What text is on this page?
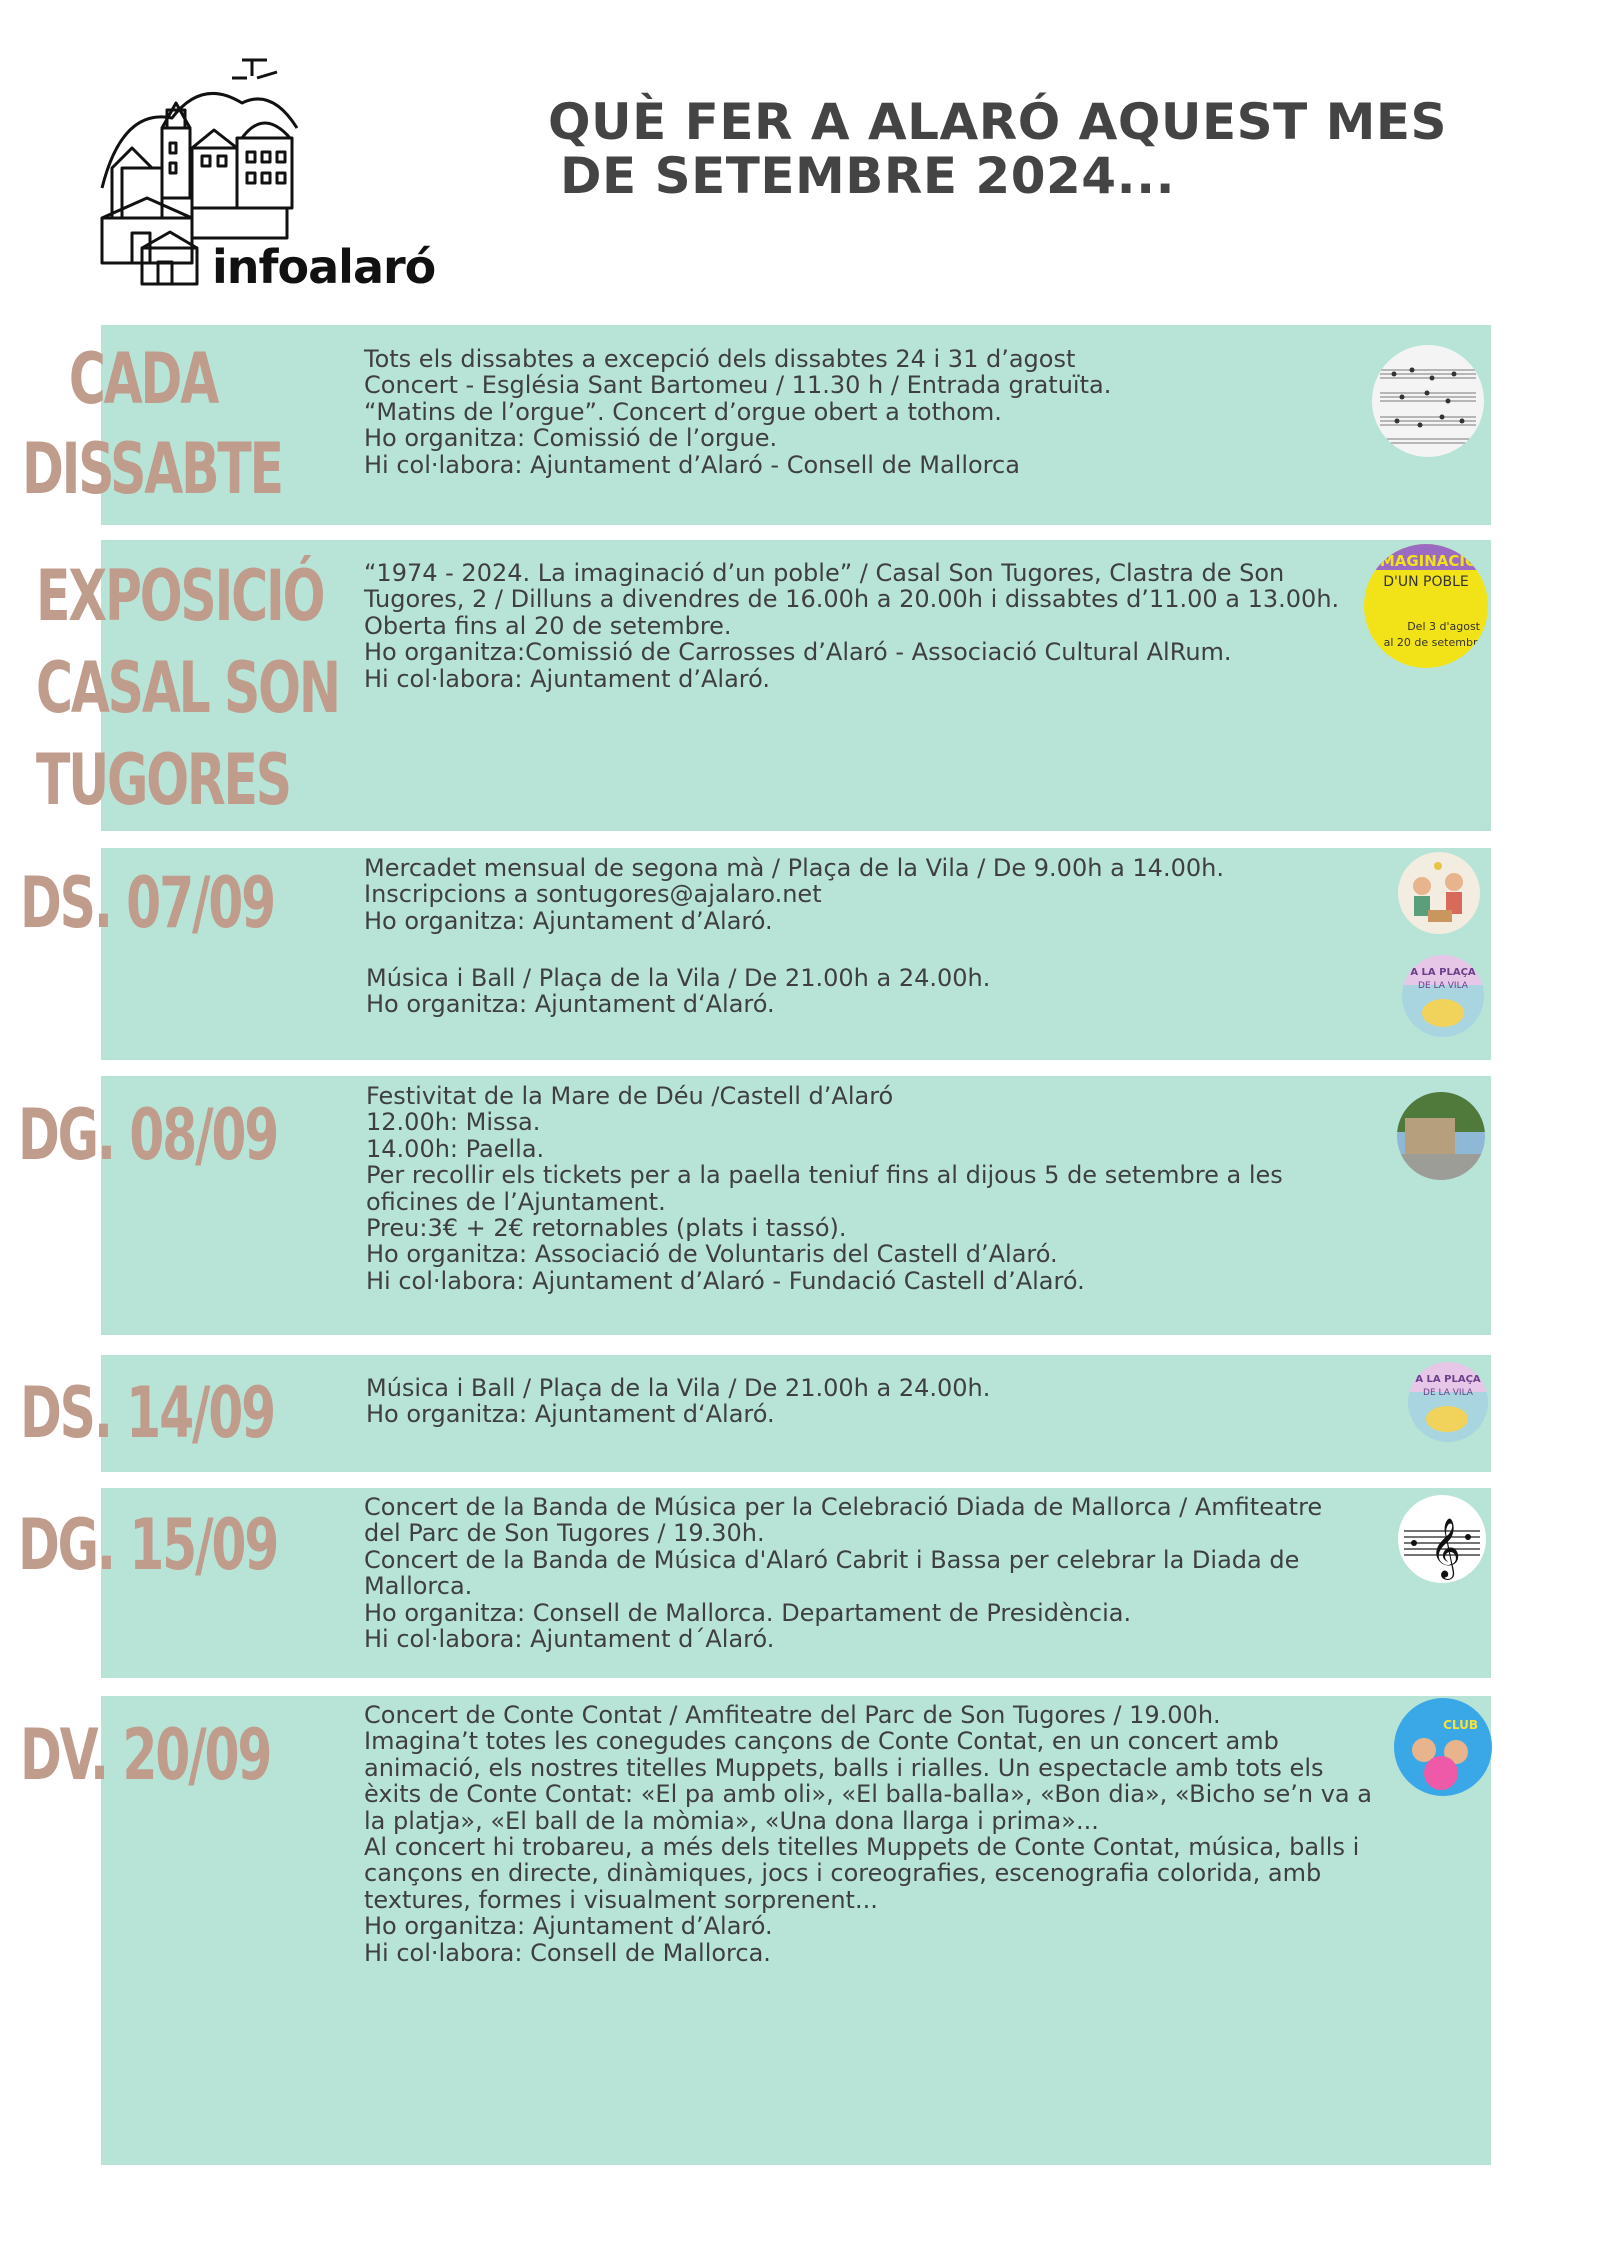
infoalaró
QUÈ FER A ALARÓ AQUEST MES
DE SETEMBRE 2024...
CADA
DISSABTE
Tots els dissabtes a excepció dels dissabtes 24 i 31 d’agost
Concert - Església Sant Bartomeu / 11.30 h / Entrada gratuïta.
“Matins de l’orgue”. Concert d’orgue obert a tothom.
Ho organitza: Comissió de l’orgue.
Hi col·labora: Ajuntament d’Alaró - Consell de Mallorca
EXPOSICIÓ
CASAL SON
TUGORES
“1974 - 2024. La imaginació d’un poble” / Casal Son Tugores, Clastra de Son
Tugores, 2 / Dilluns a divendres de 16.00h a 20.00h i dissabtes d’11.00 a 13.00h.
Oberta fins al 20 de setembre.
Ho organitza:Comissió de Carrosses d’Alaró - Associació Cultural AlRum.
Hi col·labora: Ajuntament d’Alaró.
IMAGINACIÓ
D'UN POBLE
Del 3 d'agost
al 20 de setembre
DS. 07/09	Mercadet mensual de segona mà / Plaça de la Vila / De 9.00h a 14.00h.
Inscripcions a sontugores@ajalaro.net
Ho organitza: Ajuntament d’Alaró.
Música i Ball / Plaça de la Vila / De 21.00h a 24.00h.
Ho organitza: Ajuntament d‘Alaró.
A LA PLAÇA
DE LA VILA
DG. 08/09	Festivitat de la Mare de Déu /Castell d’Alaró
12.00h: Missa.
14.00h: Paella.
Per recollir els tickets per a la paella teniuf fins al dijous 5 de setembre a les
oficines de l’Ajuntament.
Preu:3€ + 2€ retornables (plats i tassó).
Ho organitza: Associació de Voluntaris del Castell d’Alaró.
Hi col·labora: Ajuntament d’Alaró - Fundació Castell d’Alaró.
DS. 14/09	Música i Ball / Plaça de la Vila / De 21.00h a 24.00h.
Ho organitza: Ajuntament d‘Alaró.
A LA PLAÇA
DE LA VILA
DG. 15/09	Concert de la Banda de Música per la Celebració Diada de Mallorca / Amfiteatre
del Parc de Son Tugores / 19.30h.
Concert de la Banda de Música d'Alaró Cabrit i Bassa per celebrar la Diada de
Mallorca.
Ho organitza: Consell de Mallorca. Departament de Presidència.
Hi col·labora: Ajuntament d´Alaró.
𝄞
DV. 20/09	Concert de Conte Contat / Amfiteatre del Parc de Son Tugores / 19.00h.
Imagina’t totes les conegudes cançons de Conte Contat, en un concert amb
animació, els nostres titelles Muppets, balls i rialles. Un espectacle amb tots els
èxits de Conte Contat: «El pa amb oli», «El balla-balla», «Bon dia», «Bicho se’n va a
la platja», «El ball de la mòmia», «Una dona llarga i prima»...
Al concert hi trobareu, a més dels titelles Muppets de Conte Contat, música, balls i
cançons en directe, dinàmiques, jocs i coreografies, escenografia colorida, amb
textures, formes i visualment sorprenent...
Ho organitza: Ajuntament d’Alaró.
Hi col·labora: Consell de Mallorca.
CLUB
